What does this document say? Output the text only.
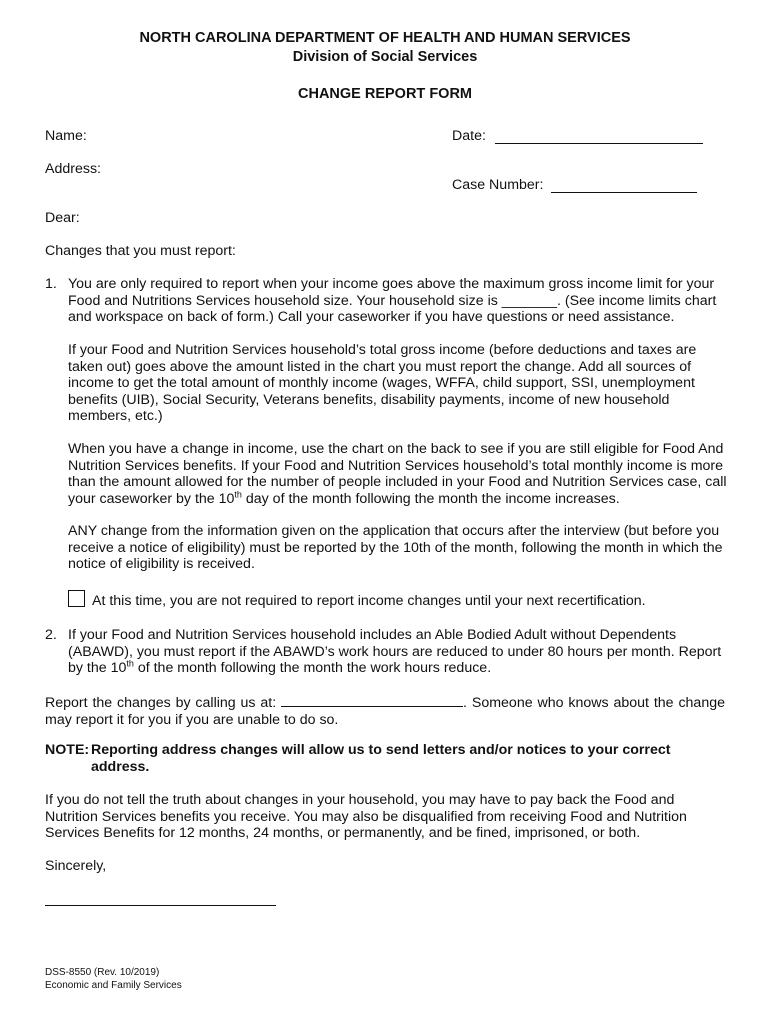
NORTH CAROLINA DEPARTMENT OF HEALTH AND HUMAN SERVICES
Division of Social Services
CHANGE REPORT FORM
Name:	Date:
Address:
Case Number:
Dear:
Changes that you must report:
1. You are only required to report when your income goes above the maximum gross income limit for your Food and Nutritions Services household size. Your household size is _______. (See income limits chart and workspace on back of form.) Call your caseworker if you have questions or need assistance.

If your Food and Nutrition Services household’s total gross income (before deductions and taxes are taken out) goes above the amount listed in the chart you must report the change. Add all sources of income to get the total amount of monthly income (wages, WFFA, child support, SSI, unemployment benefits (UIB), Social Security, Veterans benefits, disability payments, income of new household members, etc.)

When you have a change in income, use the chart on the back to see if you are still eligible for Food And Nutrition Services benefits. If your Food and Nutrition Services household’s total monthly income is more than the amount allowed for the number of people included in your Food and Nutrition Services case, call your caseworker by the 10th day of the month following the month the income increases.

ANY change from the information given on the application that occurs after the interview (but before you receive a notice of eligibility) must be reported by the 10th of the month, following the month in which the notice of eligibility is received.
At this time, you are not required to report income changes until your next recertification.
2. If your Food and Nutrition Services household includes an Able Bodied Adult without Dependents (ABAWD), you must report if the ABAWD’s work hours are reduced to under 80 hours per month. Report by the 10th of the month following the month the work hours reduce.

Report the changes by calling us at:	. Someone who knows about the change may report it for you if you are unable to do so.

NOTE: Reporting address changes will allow us to send letters and/or notices to your correct address.
If you do not tell the truth about changes in your household, you may have to pay back the Food and Nutrition Services benefits you receive. You may also be disqualified from receiving Food and Nutrition Services Benefits for 12 months, 24 months, or permanently, and be fined, imprisoned, or both.
Sincerely,
DSS-8550 (Rev. 10/2019)
Economic and Family Services
